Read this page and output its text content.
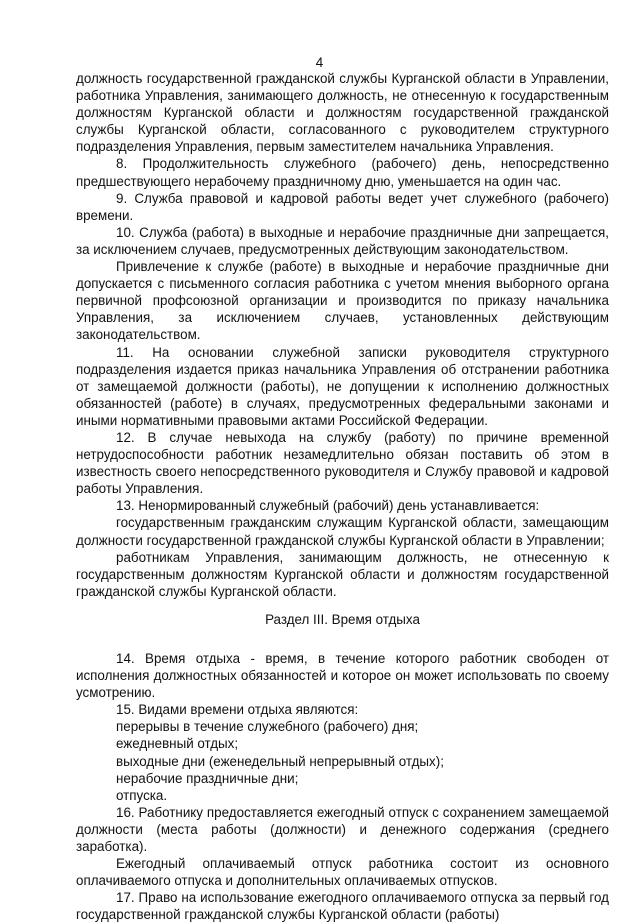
4

должность государственной гражданской службы Курганской области в Управлении, работника Управления, занимающего должность, не отнесенную к государственным должностям Курганской области и должностям государственной гражданской службы Курганской области, согласованного с руководителем структурного подразделения Управления, первым заместителем начальника Управления.

8. Продолжительность служебного (рабочего) день, непосредственно предшествующего нерабочему праздничному дню, уменьшается на один час.

9. Служба правовой и кадровой работы ведет учет служебного (рабочего) времени.

10. Служба (работа) в выходные и нерабочие праздничные дни запрещается, за исключением случаев, предусмотренных действующим законодательством.

Привлечение к службе (работе) в выходные и нерабочие праздничные дни допускается с письменного согласия работника с учетом мнения выборного органа первичной профсоюзной организации и производится по приказу начальника Управления, за исключением случаев, установленных действующим законодательством.

11. На основании служебной записки руководителя структурного подразделения издается приказ начальника Управления об отстранении работника от замещаемой должности (работы), не допущении к исполнению должностных обязанностей (работе) в случаях, предусмотренных федеральными законами и иными нормативными правовыми актами Российской Федерации.

12. В случае невыхода на службу (работу) по причине временной нетрудоспособности работник незамедлительно обязан поставить об этом в известность своего непосредственного руководителя и Службу правовой и кадровой работы Управления.

13. Ненормированный служебный (рабочий) день устанавливается:

государственным гражданским служащим Курганской области, замещающим должности государственной гражданской службы Курганской области в Управлении;

работникам Управления, занимающим должность, не отнесенную к государственным должностям Курганской области и должностям государственной гражданской службы Курганской области.

Раздел III. Время отдыха

14. Время отдыха - время, в течение которого работник свободен от исполнения должностных обязанностей и которое он может использовать по своему усмотрению.

15. Видами времени отдыха являются:

перерывы в течение служебного (рабочего) дня;

ежедневный отдых;

выходные дни (еженедельный непрерывный отдых);

нерабочие праздничные дни;

отпуска.

16. Работнику предоставляется ежегодный отпуск с сохранением замещаемой должности (места работы (должности) и денежного содержания (среднего заработка).

Ежегодный оплачиваемый отпуск работника состоит из основного оплачиваемого отпуска и дополнительных оплачиваемых отпусков.

17. Право на использование ежегодного оплачиваемого отпуска за первый год государственной гражданской службы Курганской области (работы)
